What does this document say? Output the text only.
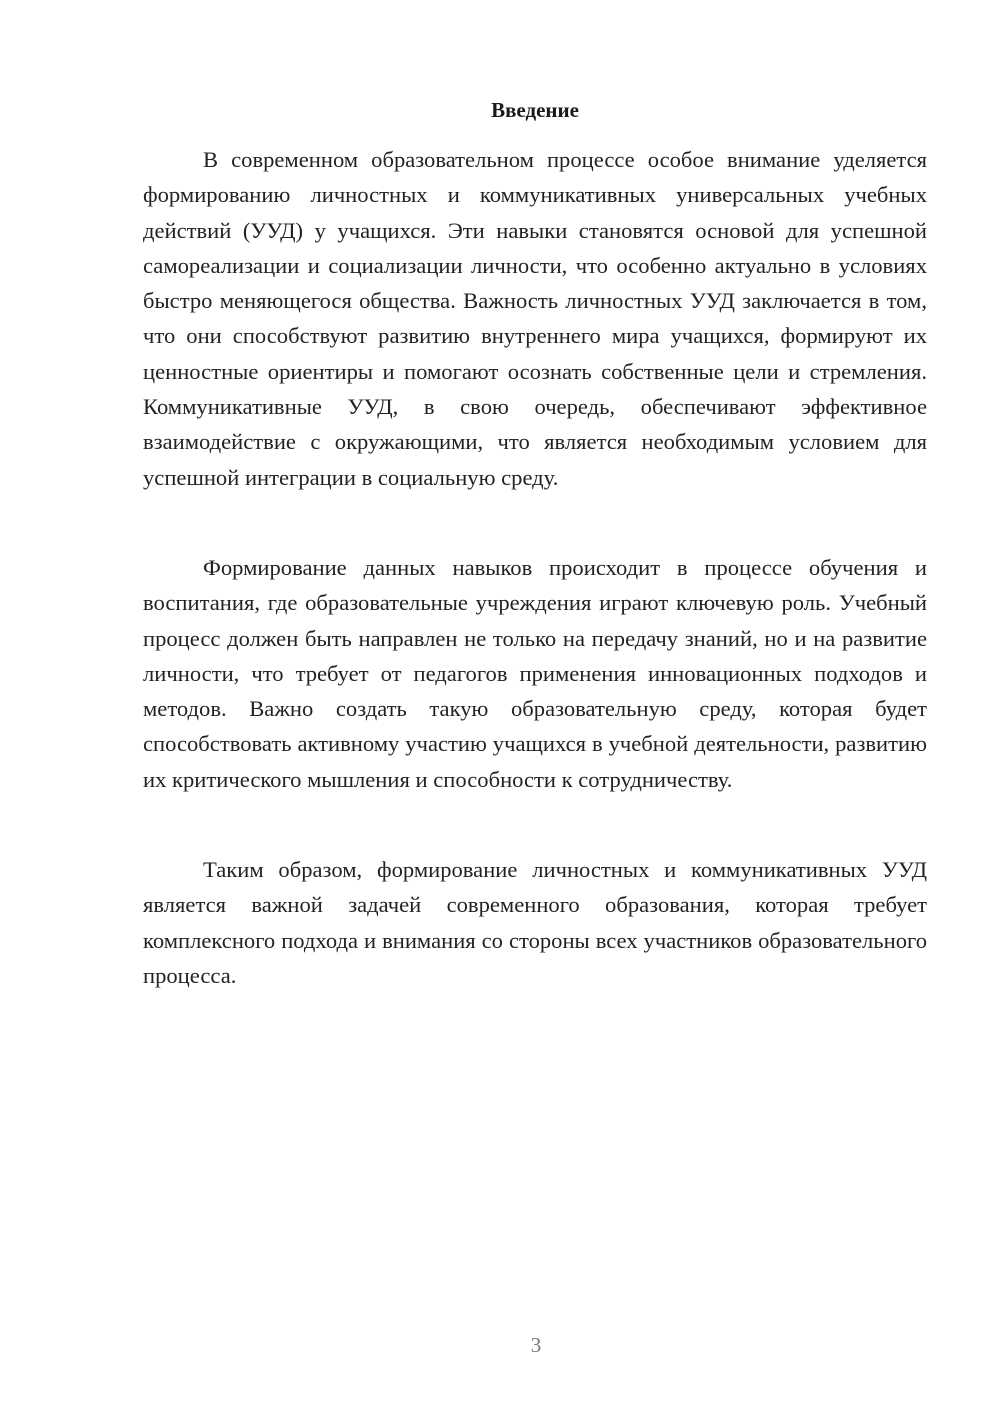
Введение

В современном образовательном процессе особое внимание уделяется формированию личностных и коммуникативных универсальных учебных действий (УУД) у учащихся. Эти навыки становятся основой для успешной самореализации и социализации личности, что особенно актуально в условиях быстро меняющегося общества. Важность личностных УУД заключается в том, что они способствуют развитию внутреннего мира учащихся, формируют их ценностные ориентиры и помогают осознать собственные цели и стремления. Коммуникативные УУД, в свою очередь, обеспечивают эффективное взаимодействие с окружающими, что является необходимым условием для успешной интеграции в социальную среду.

Формирование данных навыков происходит в процессе обучения и воспитания, где образовательные учреждения играют ключевую роль. Учебный процесс должен быть направлен не только на передачу знаний, но и на развитие личности, что требует от педагогов применения инновационных подходов и методов. Важно создать такую образовательную среду, которая будет способствовать активному участию учащихся в учебной деятельности, развитию их критического мышления и способности к сотрудничеству.

Таким образом, формирование личностных и коммуникативных УУД является важной задачей современного образования, которая требует комплексного подхода и внимания со стороны всех участников образовательного процесса.

3
